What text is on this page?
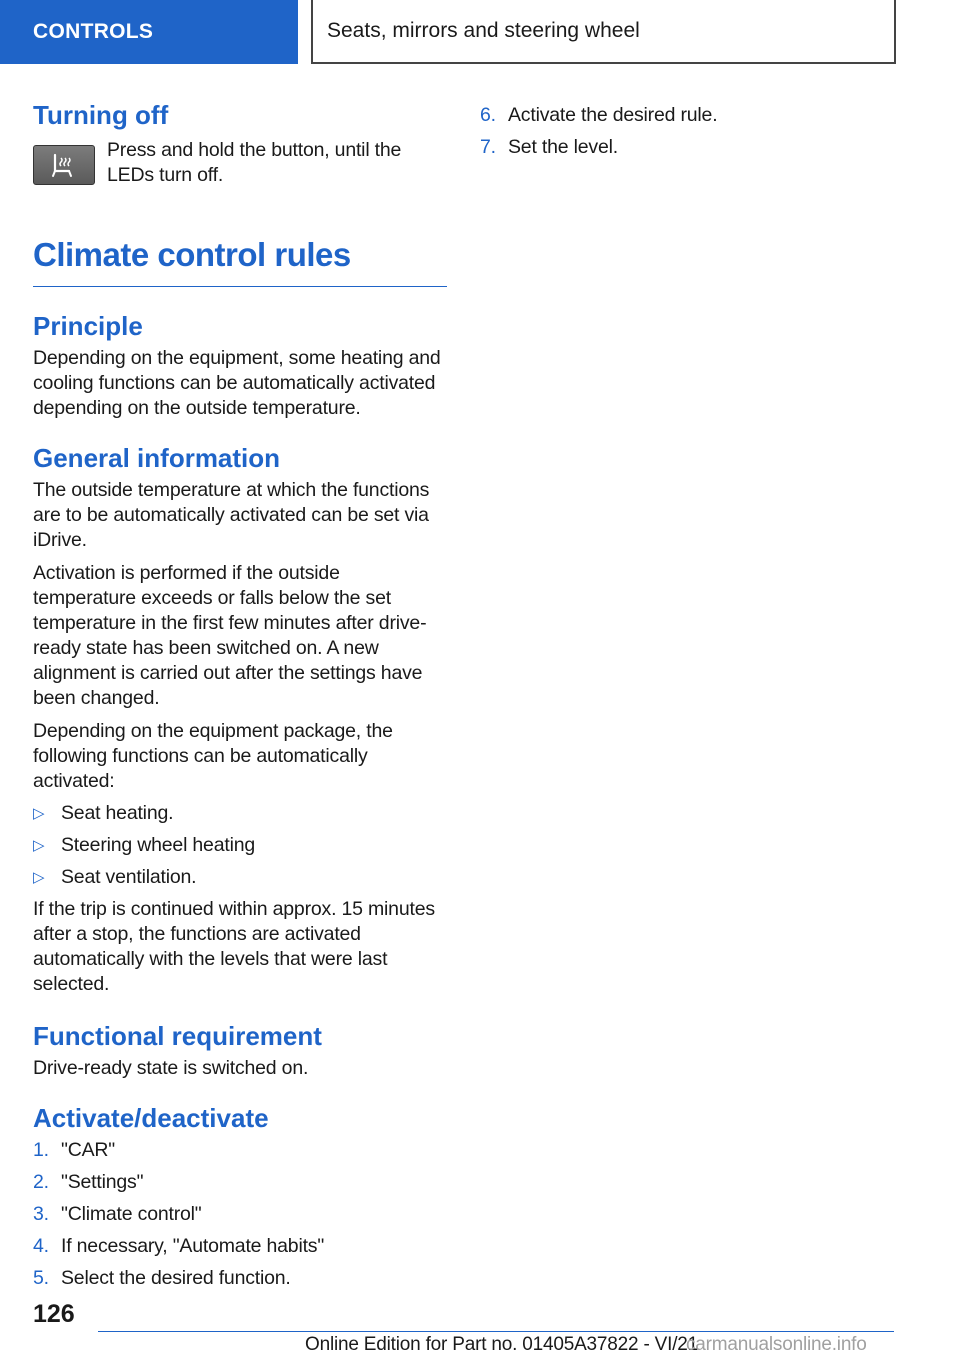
CONTROLS	Seats, mirrors and steering wheel
Turning off

Press and hold the button, until the LEDs turn off.

Climate control rules
Principle

Depending on the equipment, some heating and cooling functions can be automatically activated depending on the outside temperature.

General information

The outside temperature at which the functions are to be automatically activated can be set via iDrive.

Activation is performed if the outside temperature exceeds or falls below the set temperature in the first few minutes after drive-ready state has been switched on. A new alignment is carried out after the settings have been changed.

Depending on the equipment package, the following functions can be automatically activated:

▷ Seat heating.
▷ Steering wheel heating
▷ Seat ventilation.

If the trip is continued within approx. 15 minutes after a stop, the functions are activated automatically with the levels that were last selected.

Functional requirement

Drive-ready state is switched on.

Activate/deactivate
1. "CAR"
2. "Settings"
3. "Climate control"
4. If necessary, "Automate habits"
5. Select the desired function.
6. Activate the desired rule.
7. Set the level.
126
Online Edition for Part no. 01405A37822 - VI/21
carmanualsonline.info
